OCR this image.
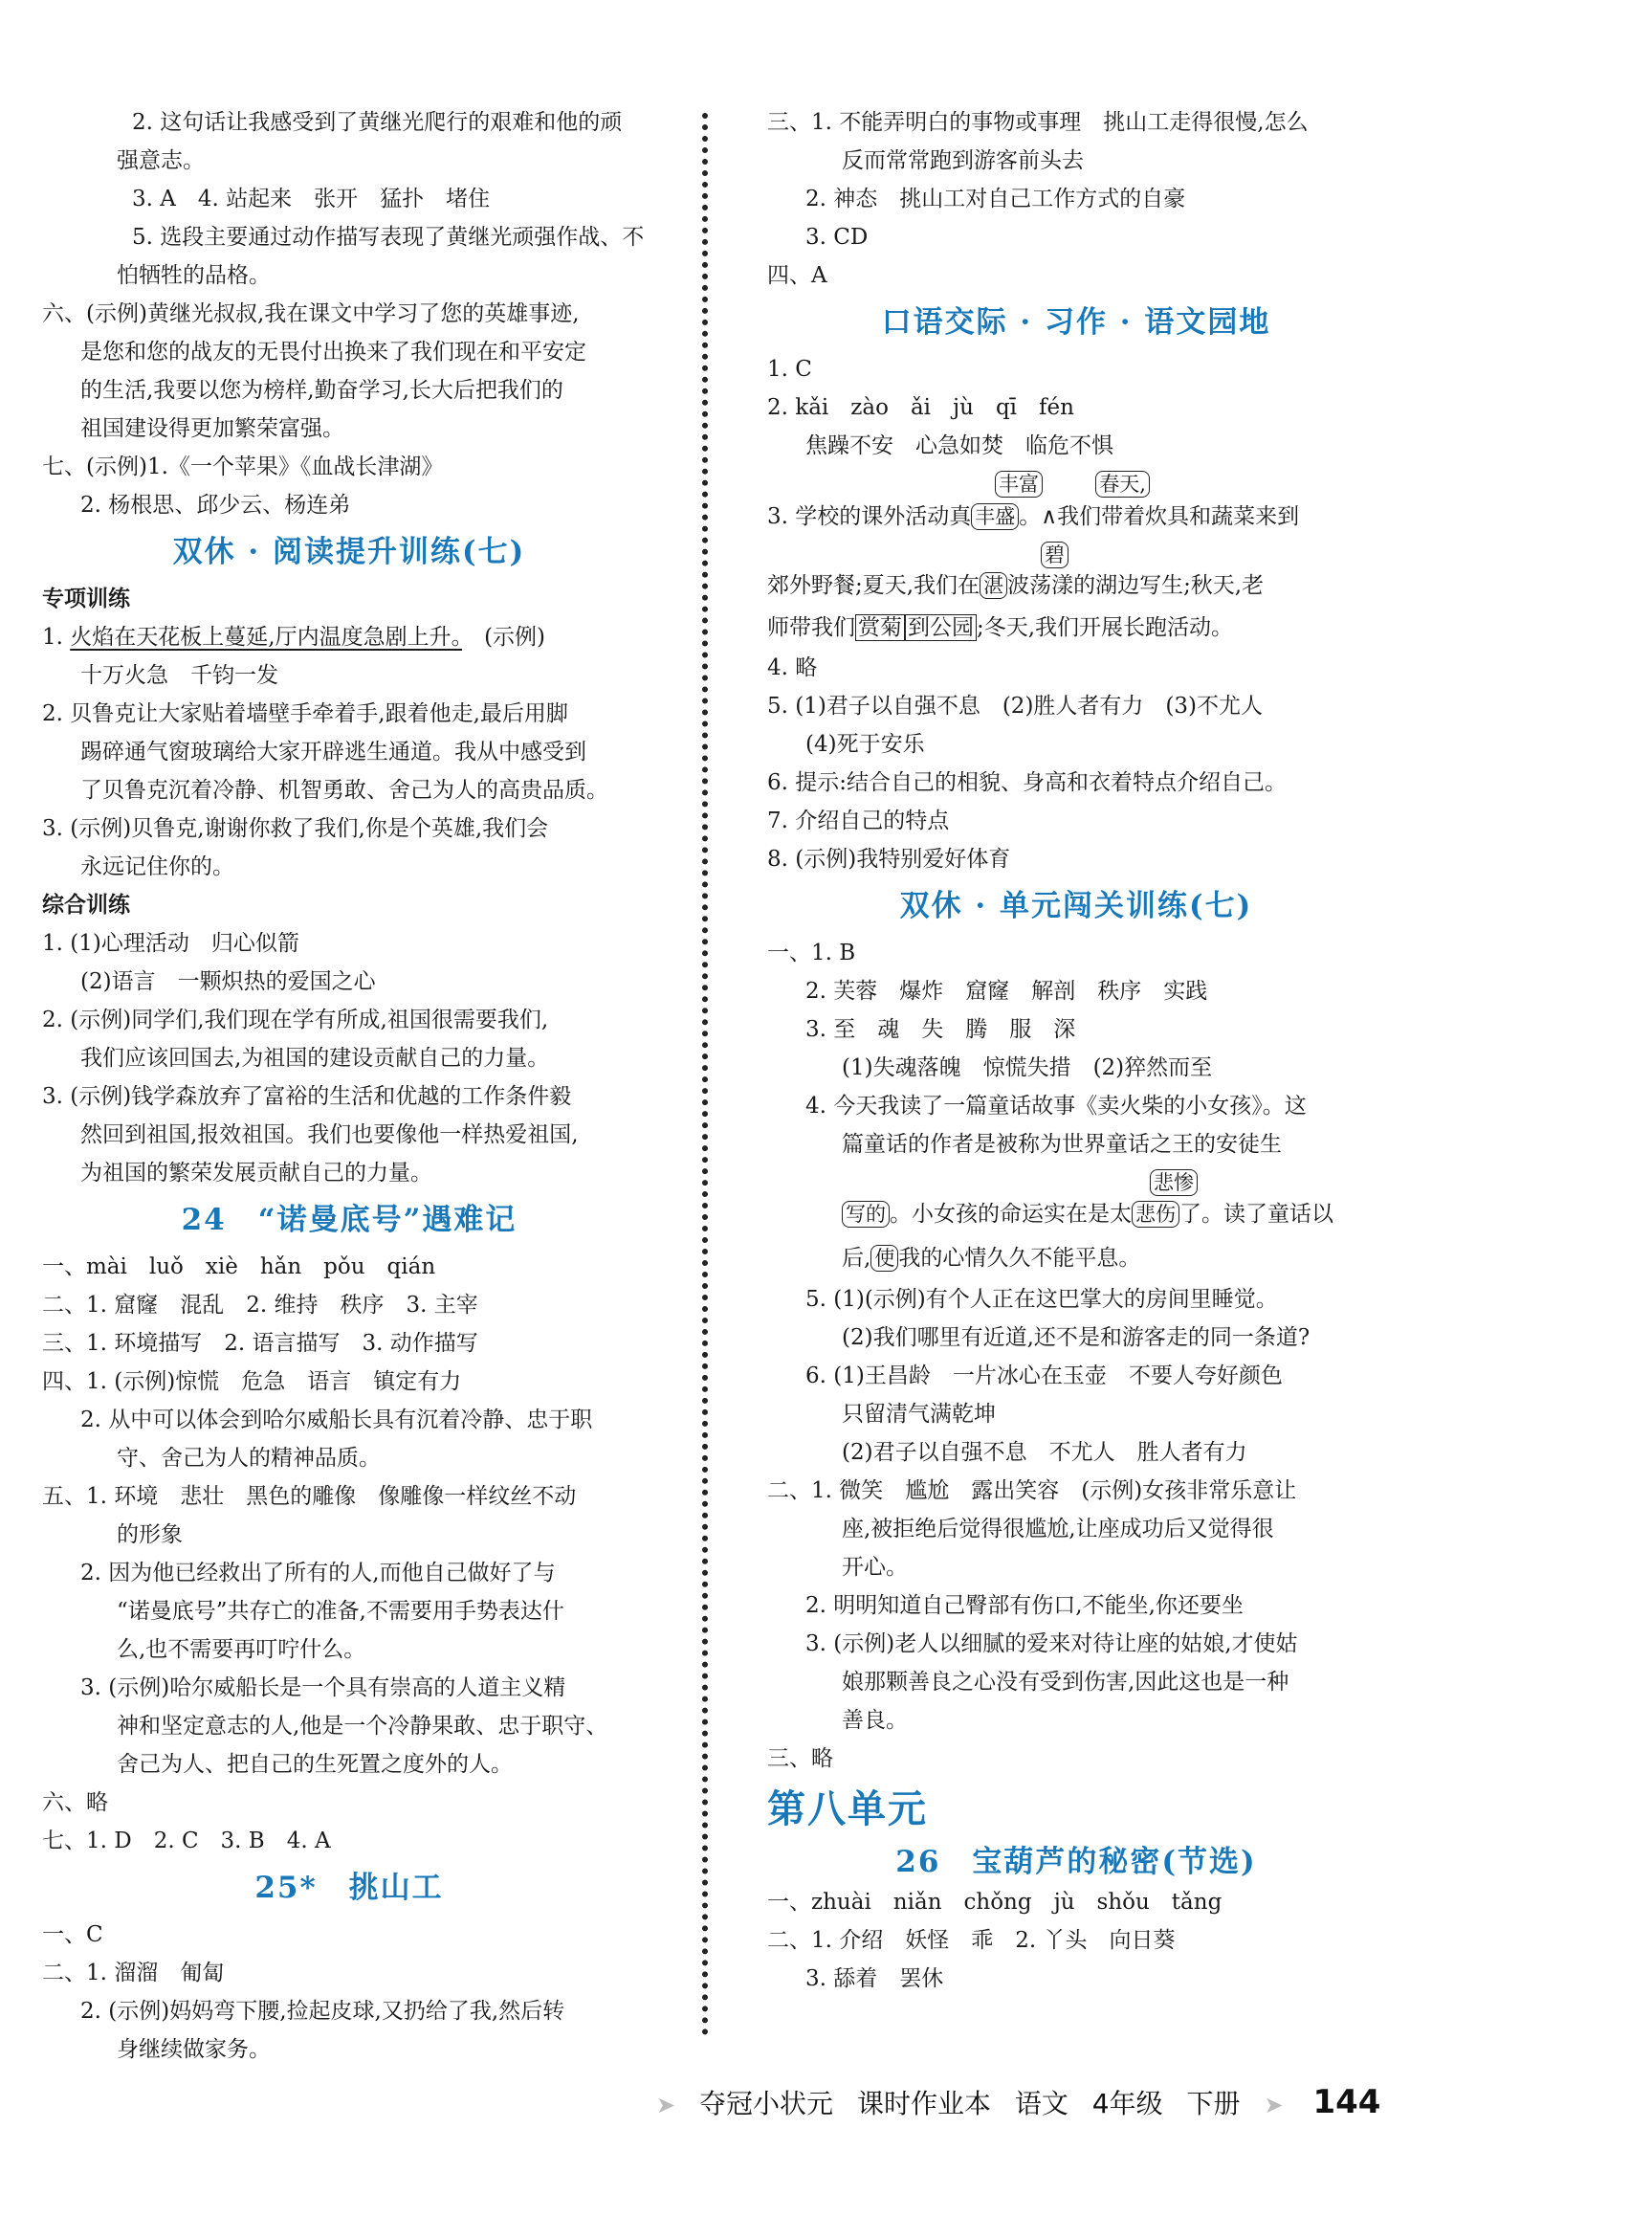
2. 这句话让我感受到了黄继光爬行的艰难和他的顽
强意志。
3. A　4. 站起来　张开　猛扑　堵住
5. 选段主要通过动作描写表现了黄继光顽强作战、不
怕牺牲的品格。
六、(示例)黄继光叔叔,我在课文中学习了您的英雄事迹,
是您和您的战友的无畏付出换来了我们现在和平安定
的生活,我要以您为榜样,勤奋学习,长大后把我们的
祖国建设得更加繁荣富强。
七、(示例)1.《一个苹果》《血战长津湖》
2. 杨根思、邱少云、杨连弟
双休 · 阅读提升训练(七)
专项训练
1. 火焰在天花板上蔓延,厅内温度急剧上升。　(示例)
十万火急　千钧一发
2. 贝鲁克让大家贴着墙壁手牵着手,跟着他走,最后用脚
踢碎通气窗玻璃给大家开辟逃生通道。我从中感受到
了贝鲁克沉着冷静、机智勇敢、舍己为人的高贵品质。
3. (示例)贝鲁克,谢谢你救了我们,你是个英雄,我们会
永远记住你的。
综合训练
1. (1)心理活动　归心似箭
(2)语言　一颗炽热的爱国之心
2. (示例)同学们,我们现在学有所成,祖国很需要我们,
我们应该回国去,为祖国的建设贡献自己的力量。
3. (示例)钱学森放弃了富裕的生活和优越的工作条件毅
然回到祖国,报效祖国。我们也要像他一样热爱祖国,
为祖国的繁荣发展贡献自己的力量。
24　“诺曼底号”遇难记
一、mài　luǒ　xiè　hǎn　pǒu　qián
二、1. 窟窿　混乱　2. 维持　秩序　3. 主宰
三、1. 环境描写　2. 语言描写　3. 动作描写
四、1. (示例)惊慌　危急　语言　镇定有力
2. 从中可以体会到哈尔威船长具有沉着冷静、忠于职
守、舍己为人的精神品质。
五、1. 环境　悲壮　黑色的雕像　像雕像一样纹丝不动
的形象
2. 因为他已经救出了所有的人,而他自己做好了与
“诺曼底号”共存亡的准备,不需要用手势表达什
么,也不需要再叮咛什么。
3. (示例)哈尔威船长是一个具有崇高的人道主义精
神和坚定意志的人,他是一个冷静果敢、忠于职守、
舍己为人、把自己的生死置之度外的人。
六、略
七、1. D　2. C　3. B　4. A
25*　挑山工
一、C
二、1. 溜溜　匍匐
2. (示例)妈妈弯下腰,捡起皮球,又扔给了我,然后转
身继续做家务。
三、1. 不能弄明白的事物或事理　挑山工走得很慢,怎么
反而常常跑到游客前头去
2. 神态　挑山工对自己工作方式的自豪
3. CD
四、A
口语交际 · 习作 · 语文园地
1. C
2. kǎi　zào　ǎi　jù　qī　fén
焦躁不安　心急如焚　临危不惧
丰富	春天,
3. 学校的课外活动真 丰盛 。∧我们带着炊具和蔬菜来到
碧
郊外野餐;夏天,我们在 湛 波荡漾的湖边写生;秋天,老
师带我们 赏菊 到公园 ;冬天,我们开展长跑活动。
4. 略
5. (1)君子以自强不息　(2)胜人者有力　(3)不尤人
(4)死于安乐
6. 提示:结合自己的相貌、身高和衣着特点介绍自己。
7. 介绍自己的特点
8. (示例)我特别爱好体育
双休 · 单元闯关训练(七)
一、1. B
2. 芙蓉　爆炸　窟窿　解剖　秩序　实践
3. 至　魂　失　腾　服　深
(1)失魂落魄　惊慌失措　(2)猝然而至
4. 今天我读了一篇童话故事《卖火柴的小女孩》。这
篇童话的作者是被称为世界童话之王的安徒生
悲惨
写的 。小女孩的命运实在是太 悲伤 了。读了童话以
后, 使 我的心情久久不能平息。
5. (1)(示例)有个人正在这巴掌大的房间里睡觉。
(2)我们哪里有近道,还不是和游客走的同一条道?
6. (1)王昌龄　一片冰心在玉壶　不要人夸好颜色
只留清气满乾坤
(2)君子以自强不息　不尤人　胜人者有力
二、1. 微笑　尴尬　露出笑容　(示例)女孩非常乐意让
座,被拒绝后觉得很尴尬,让座成功后又觉得很
开心。
2. 明明知道自己臀部有伤口,不能坐,你还要坐
3. (示例)老人以细腻的爱来对待让座的姑娘,才使姑
娘那颗善良之心没有受到伤害,因此这也是一种
善良。
三、略
第八单元
26　宝葫芦的秘密(节选)
一、zhuài　niǎn　chǒng　jù　shǒu　tǎng
二、1. 介绍　妖怪　乖　2. 丫头　向日葵
3. 舔着　罢休
➤ 夺冠小状元 课时作业本 语文 4年级 下册 ➤ 144
